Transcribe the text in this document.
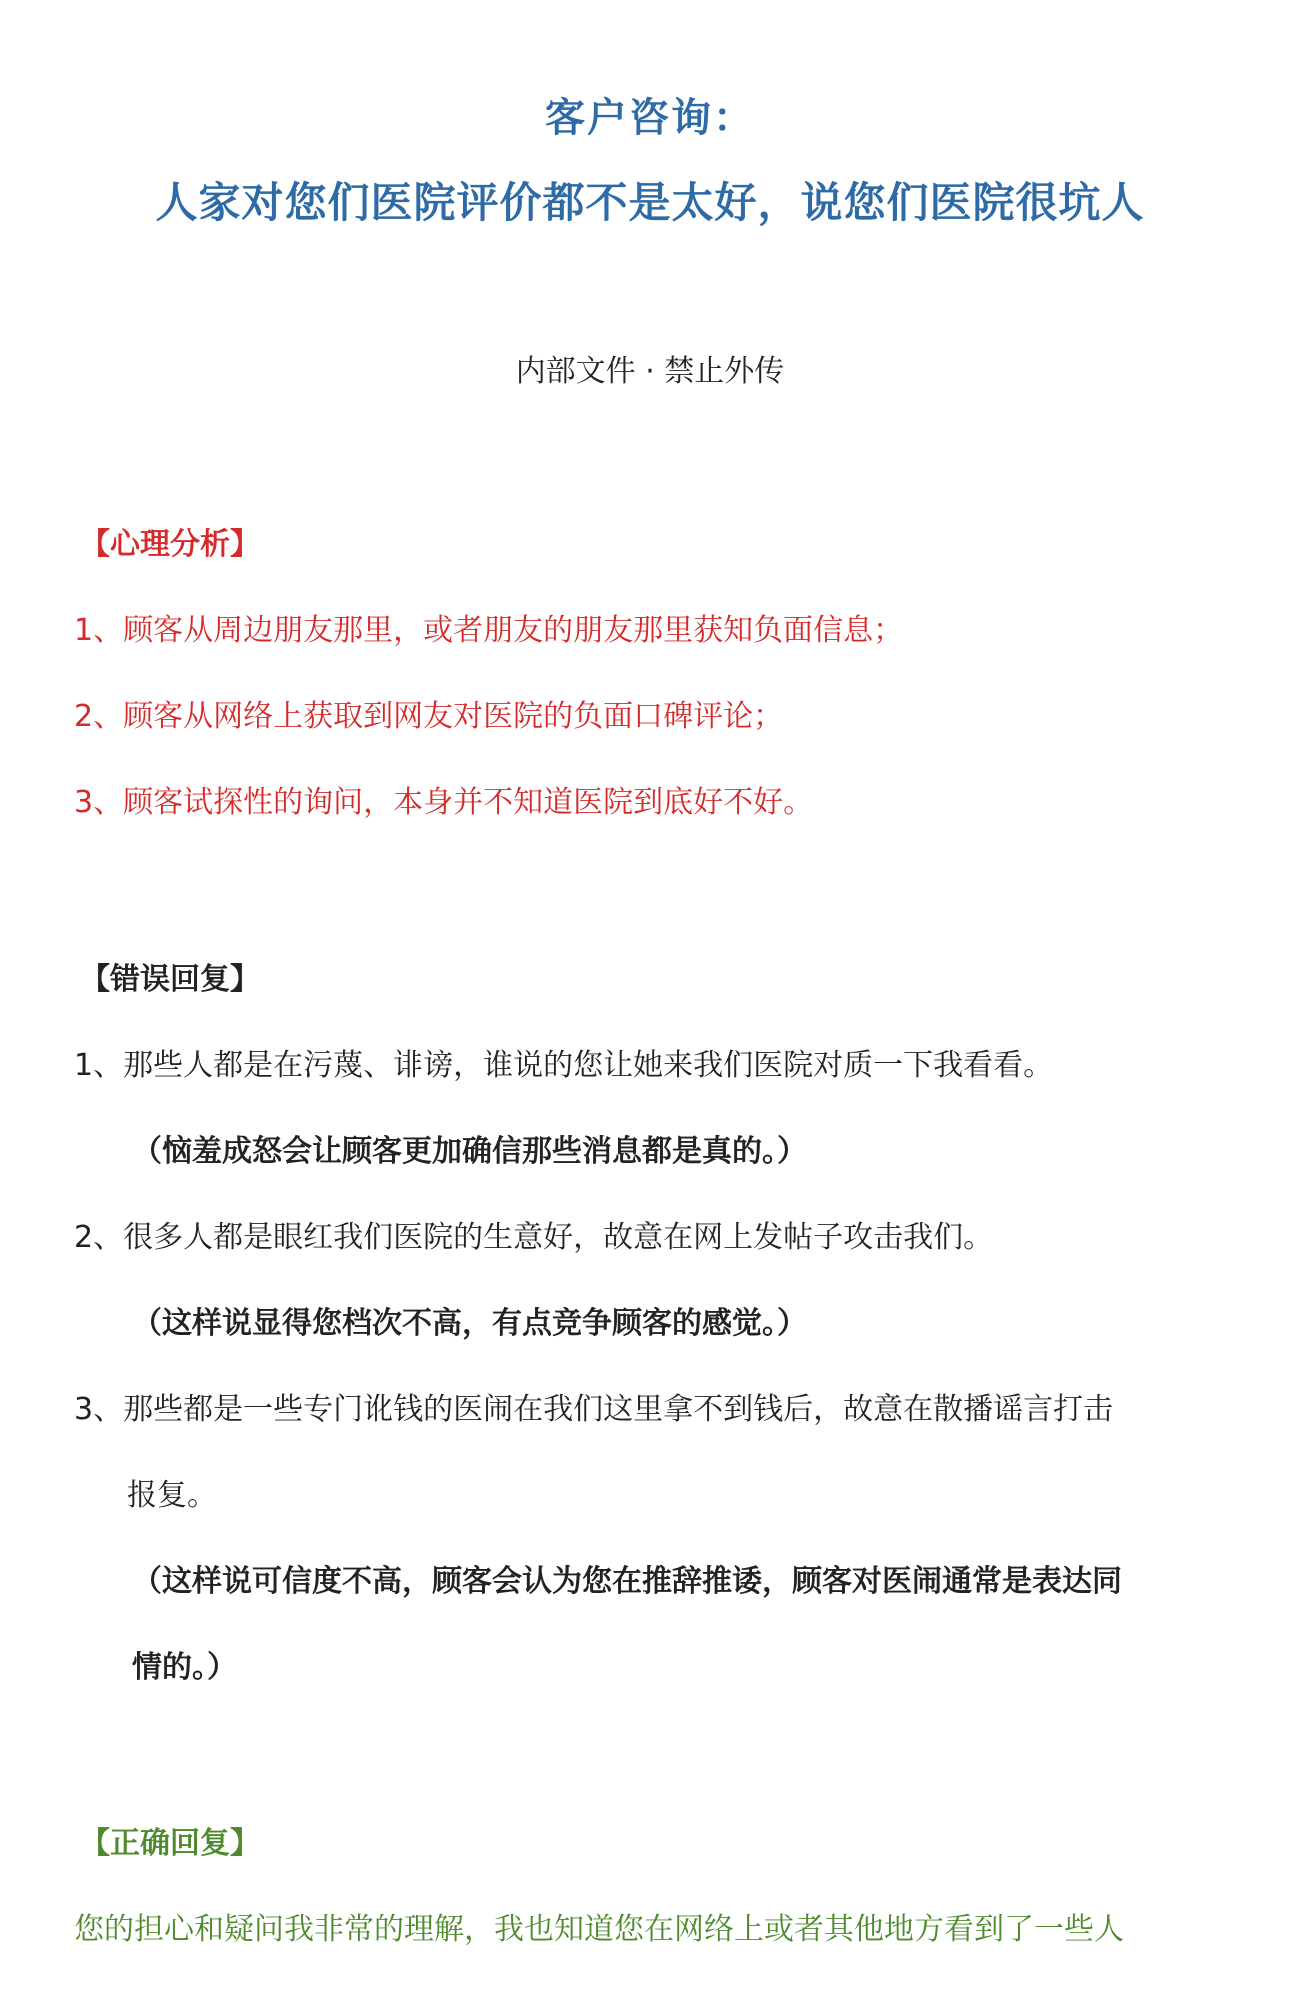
客户咨询：
人家对您们医院评价都不是太好，说您们医院很坑人
内部文件 · 禁止外传
【心理分析】
1、顾客从周边朋友那里，或者朋友的朋友那里获知负面信息；
2、顾客从网络上获取到网友对医院的负面口碑评论；
3、顾客试探性的询问，本身并不知道医院到底好不好。
【错误回复】
1、那些人都是在污蔑、诽谤，谁说的您让她来我们医院对质一下我看看。
（恼羞成怒会让顾客更加确信那些消息都是真的。）
2、很多人都是眼红我们医院的生意好，故意在网上发帖子攻击我们。
（这样说显得您档次不高，有点竞争顾客的感觉。）
3、那些都是一些专门讹钱的医闹在我们这里拿不到钱后，故意在散播谣言打击
报复。
（这样说可信度不高，顾客会认为您在推辞推诿，顾客对医闹通常是表达同
情的。）
【正确回复】
您的担心和疑问我非常的理解，我也知道您在网络上或者其他地方看到了一些人
